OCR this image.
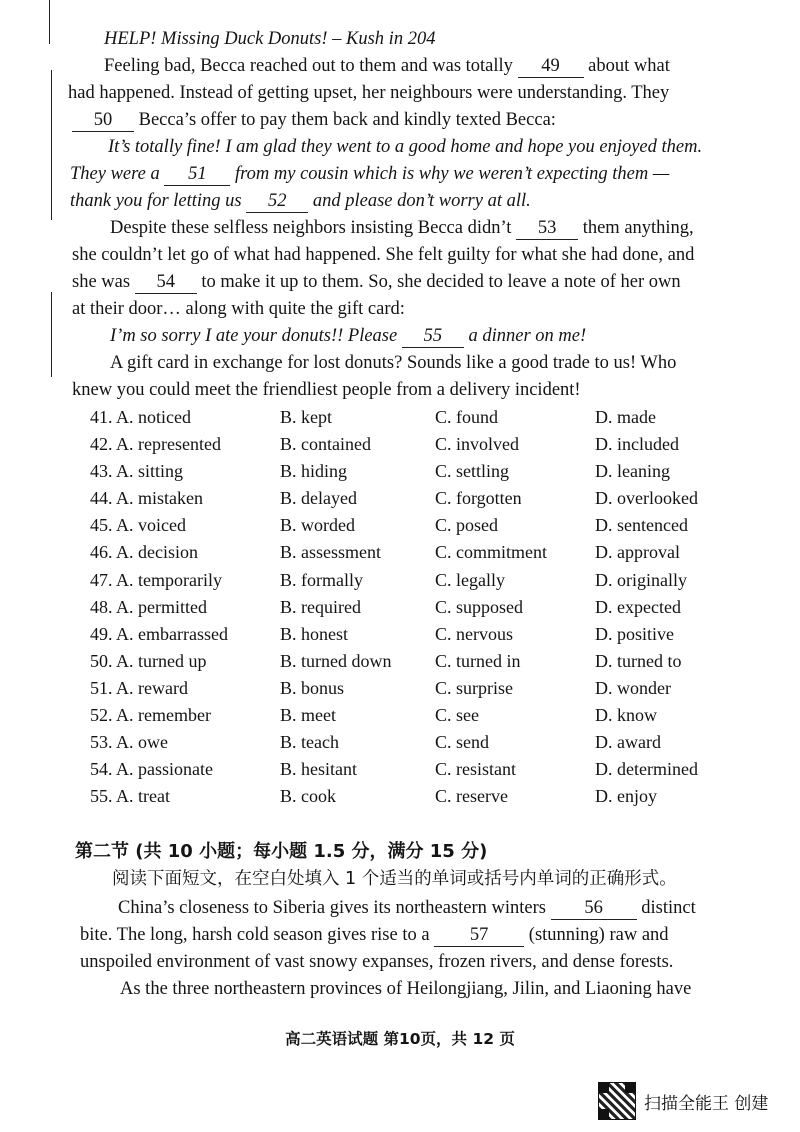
HELP! Missing Duck Donuts! – Kush in 204
Feeling bad, Becca reached out to them and was totally 49 about what
had happened. Instead of getting upset, her neighbours were understanding. They
50 Becca’s offer to pay them back and kindly texted Becca:
It’s totally fine! I am glad they went to a good home and hope you enjoyed them.
They were a 51 from my cousin which is why we weren’t expecting them —
thank you for letting us 52 and please don’t worry at all.
Despite these selfless neighbors insisting Becca didn’t 53 them anything,
she couldn’t let go of what had happened. She felt guilty for what she had done, and
she was 54 to make it up to them. So, she decided to leave a note of her own
at their door… along with quite the gift card:
I’m so sorry I ate your donuts!! Please 55 a dinner on me!
A gift card in exchange for lost donuts? Sounds like a good trade to us! Who
knew you could meet the friendliest people from a delivery incident!
41. A. noticed	B. kept	C. found	D. made
42. A. represented	B. contained	C. involved	D. included
43. A. sitting	B. hiding	C. settling	D. leaning
44. A. mistaken	B. delayed	C. forgotten	D. overlooked
45. A. voiced	B. worded	C. posed	D. sentenced
46. A. decision	B. assessment	C. commitment	D. approval
47. A. temporarily	B. formally	C. legally	D. originally
48. A. permitted	B. required	C. supposed	D. expected
49. A. embarrassed	B. honest	C. nervous	D. positive
50. A. turned up	B. turned down C. turned in	D. turned to
51. A. reward	B. bonus	C. surprise	D. wonder
52. A. remember	B. meet	C. see	D. know
53. A. owe	B. teach	C. send	D. award
54. A. passionate	B. hesitant	C. resistant	D. determined
55. A. treat	B. cook	C. reserve	D. enjoy
第二节 (共 10 小题；每小题 1.5 分，满分 15 分)
阅读下面短文，在空白处填入 1 个适当的单词或括号内单词的正确形式。
China’s closeness to Siberia gives its northeastern winters 56 distinct
bite. The long, harsh cold season gives rise to a 57 (stunning) raw and
unspoiled environment of vast snowy expanses, frozen rivers, and dense forests.
As the three northeastern provinces of Heilongjiang, Jilin, and Liaoning have
高二英语试题 第10页，共 12 页
扫描全能王 创建
